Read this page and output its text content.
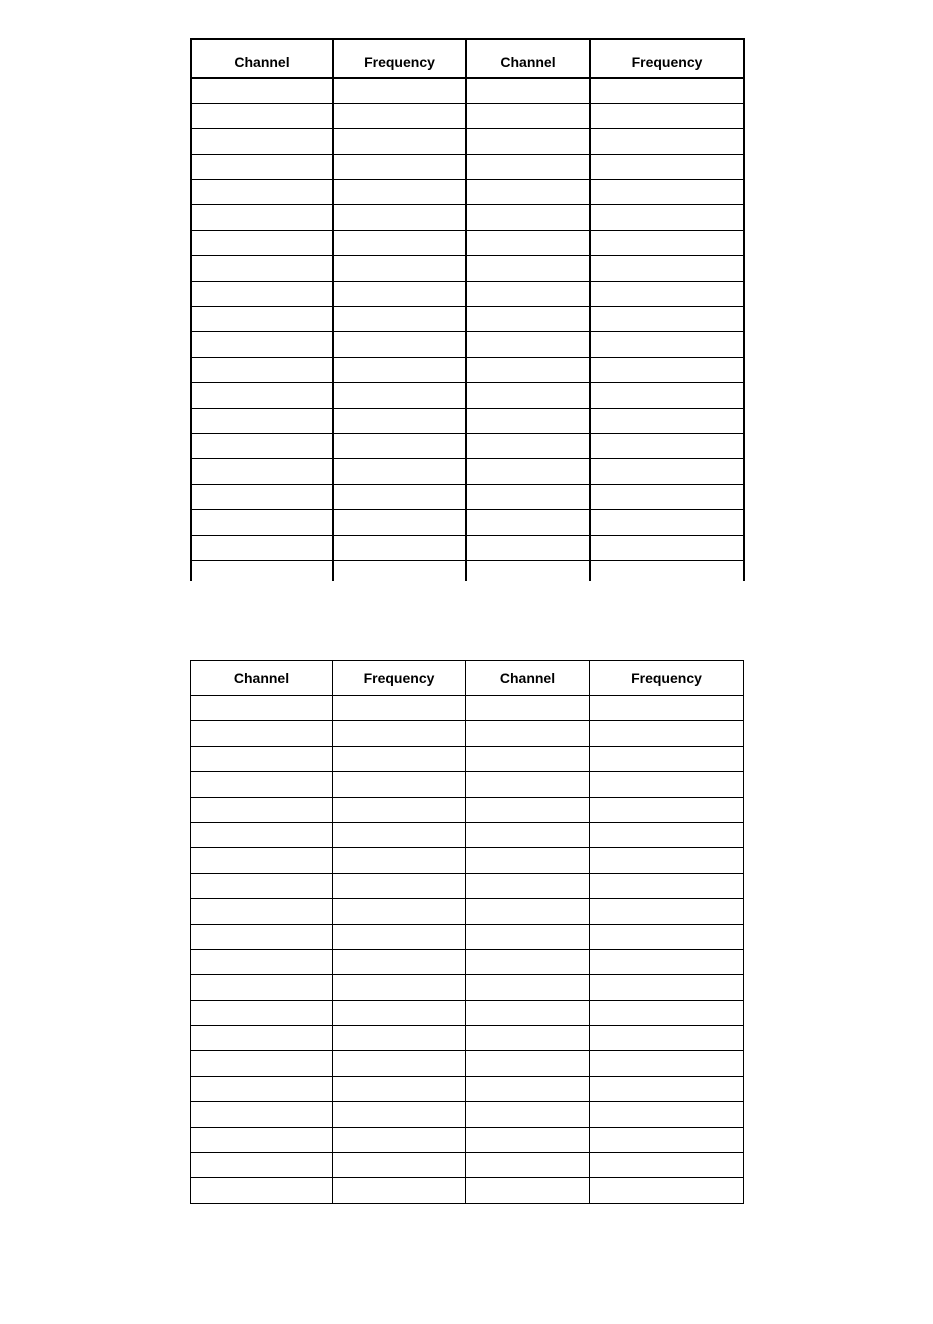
Channel	Frequency	Channel	Frequency

Channel	Frequency	Channel	Frequency
